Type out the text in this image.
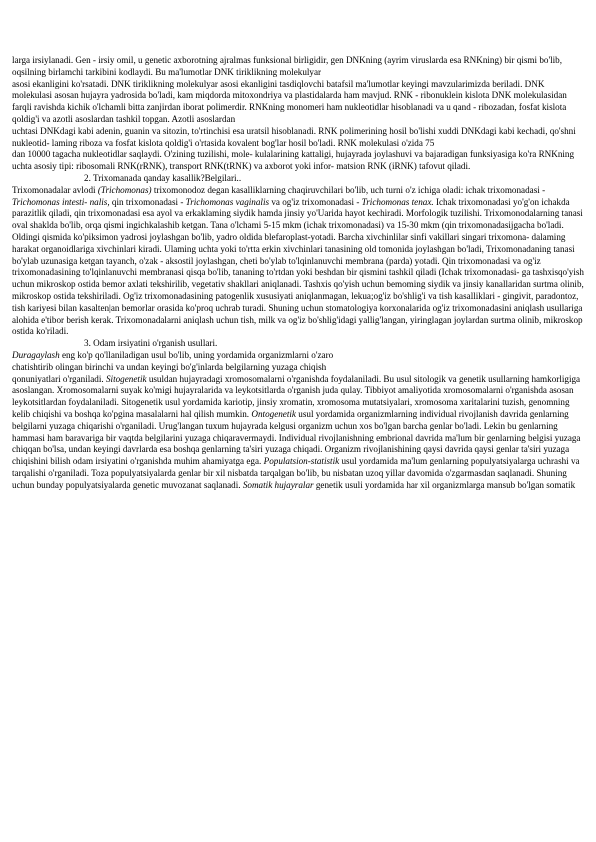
larga irsiylanadi. Gen - irsiy omil, u genetic axborotning ajralmas funksional birligidir, gen DNKning (ayrim viruslarda esa RNKning) bir qismi bo'lib, oqsilning birlamchi tarkibini kodlaydi. Bu ma'lumotlar DNK tiriklikning molekulyar

asosi ekanligini ko'rsatadi. DNK tiriklikning molekulyar asosi ekanligini tasdiqlovchi batafsil ma'lumotlar keyingi mavzularimizda beriladi. DNK molekulasi asosan hujayra yadrosida bo'ladi, kam miqdorda mitoxondriya va plastidalarda ham mavjud. RNK - ribonuklein kislota DNK molekulasidan farqli ravishda kichik o'lchamli bitta zanjirdan iborat polimerdir. RNKning monomeri ham nukleotidlar hisoblanadi va u qand - ribozadan, fosfat kislota qoldig'i va azotli asoslardan tashkil topgan. Azotli asoslardan

uchtasi DNKdagi kabi adenin, guanin va sitozin, to'rtinchisi esa uratsil hisoblanadi. RNK polimerining hosil bo'lishi xuddi DNKdagi kabi kechadi, qo'shni nukleotid- laming riboza va fosfat kislota qoldig'i o'rtasida kovalent bog'lar hosil bo'ladi. RNK molekulasi o'zida 75

dan 10000 tagacha nukleotidlar saqlaydi. O'zining tuzilishi, mole- kulalarining kattaligi, hujayrada joylashuvi va bajaradigan funksiyasiga ko'ra RNKning uchta asosiy tipi: ribosomali RNK(rRNK), transport RNK(tRNK) va axborot yoki infor- matsion RNK (iRNK) tafovut qiladi.

2. Trixomanada qanday kasallik?Belgilari..

Trixomonadalar avlodi (Trichomonas) trixomonodoz degan kasalliklarning chaqiruvchilari bo'lib, uch turni o'z ichiga oladi: ichak trixomonadasi - Trichomonas intesti- nalis, qin trixomonadasi - Trichomonas vaginalis va og'iz trixomonadasi - Trichomonas tenax. Ichak trixomonadasi yo'g'on ichakda parazitlik qiladi, qin trixomonadasi esa ayol va erkaklaming siydik hamda jinsiy yo'Uarida hayot kechiradi. Morfologik tuzilishi. Trixomonodalarning tanasi oval shaklda bo'lib, orqa qismi ingichkalashib ketgan. Tana o'lchami 5-15 mkm (ichak trixomonadasi) va 15-30 mkm (qin trixomonadasijgacha bo'ladi. Oldingi qismida ko'piksimon yadrosi joylashgan bo'lib, yadro oldida blefaroplast-yotadi. Barcha xivchinlilar sinfi vakillari singari trixomona- dalaming harakat organoidlariga xivchinlari kiradi. Ulaming uchta yoki to'rtta erkin xivchinlari tanasining old tomonida joylashgan bo'ladi, Trixomonadaning tanasi bo'ylab uzunasiga ketgan tayanch, o'zak - aksostil joylashgan, cheti bo'ylab to'lqinlanuvchi membrana (parda) yotadi. Qin trixomonadasi va og'iz trixomonadasining to'lqinlanuvchi membranasi qisqa bo'lib, tananing to'rtdan yoki beshdan bir qismini tashkil qiladi (Ichak trixomonadasi- ga tashxisqo'yish uchun mikroskop ostida bemor axlati tekshirilib, vegetativ shakllari aniqlanadi. Tashxis qo'yish uchun bemoming siydik va jinsiy kanallaridan surtma olinib, mikroskop ostida tekshiriladi. Og'iz trixomonadasining patogenlik xususiyati aniqlanmagan, lekua;og'iz bo'shlig'i va tish kasalliklari - gingivit, paradontoz, tish kariyesi bilan kasalten|an bemorlar orasida ko'proq uchrab turadi. Shuning uchun stomatologiya korxonalarida og'iz trixomonadasini aniqlash usullariga alohida e'tibor berish kerak. Trixomonadalarni aniqlash uchun tish, milk va og'iz bo'shlig'idagi yallig'langan, yiringlagan joylardan surtma olinib, mikroskop ostida ko'riladi.

3. Odam irsiyatini o'rganish usullari.

Duragaylash eng ko'p qo'llaniladigan usul bo'lib, uning yordamida organizmlarni o'zaro

chatishtirib olingan birinchi va undan keyingi bo'g'inlarda belgilarning yuzaga chiqish

qonuniyatlari o'rganiladi. Sitogenetik usuldan hujayradagi xromosomalarni o'rganishda foydalaniladi. Bu usul sitologik va genetik usullarning hamkorligiga asoslangan. Xromosomalarni suyak ko'migi hujayralarida va leykotsitlarda o'rganish juda qulay. Tibbiyot amaliyotida xromosomalarni o'rganishda asosan leykotsitlardan foydalaniladi. Sitogenetik usul yordamida kariotip, jinsiy xromatin, xromosoma mutatsiyalari, xromosoma xaritalarini tuzish, genomning kelib chiqishi va boshqa ko'pgina masalalarni hal qilish mumkin. Ontogenetik usul yordamida organizmlarning individual rivojlanish davrida genlarning belgilarni yuzaga chiqarishi o'rganiladi. Urug'langan tuxum hujayrada kelgusi organizm uchun xos bo'lgan barcha genlar bo'ladi. Lekin bu genlarning hammasi ham baravariga bir vaqtda belgilarini yuzaga chiqaravermaydi. Individual rivojlanishning embrional davrida ma'lum bir genlarning belgisi yuzaga chiqqan bo'lsa, undan keyingi davrlarda esa boshqa genlarning ta'siri yuzaga chiqadi. Organizm rivojlanishining qaysi davrida qaysi genlar ta'siri yuzaga chiqishini bilish odam irsiyatini o'rganishda muhim ahamiyatga ega. Populatsion-statistik usul yordamida ma'lum genlarning populyatsiyalarga uchrashi va tarqalishi o'rganiladi. Toza populyatsiyalarda genlar bir xil nisbatda tarqalgan bo'lib, bu nisbatan uzoq yillar davomida o'zgarmasdan saqlanadi. Shuning uchun bunday populyatsiyalarda genetic muvozanat saqlanadi. Somatik hujayralar genetik usuli yordamida har xil organizmlarga mansub bo'lgan somatik
